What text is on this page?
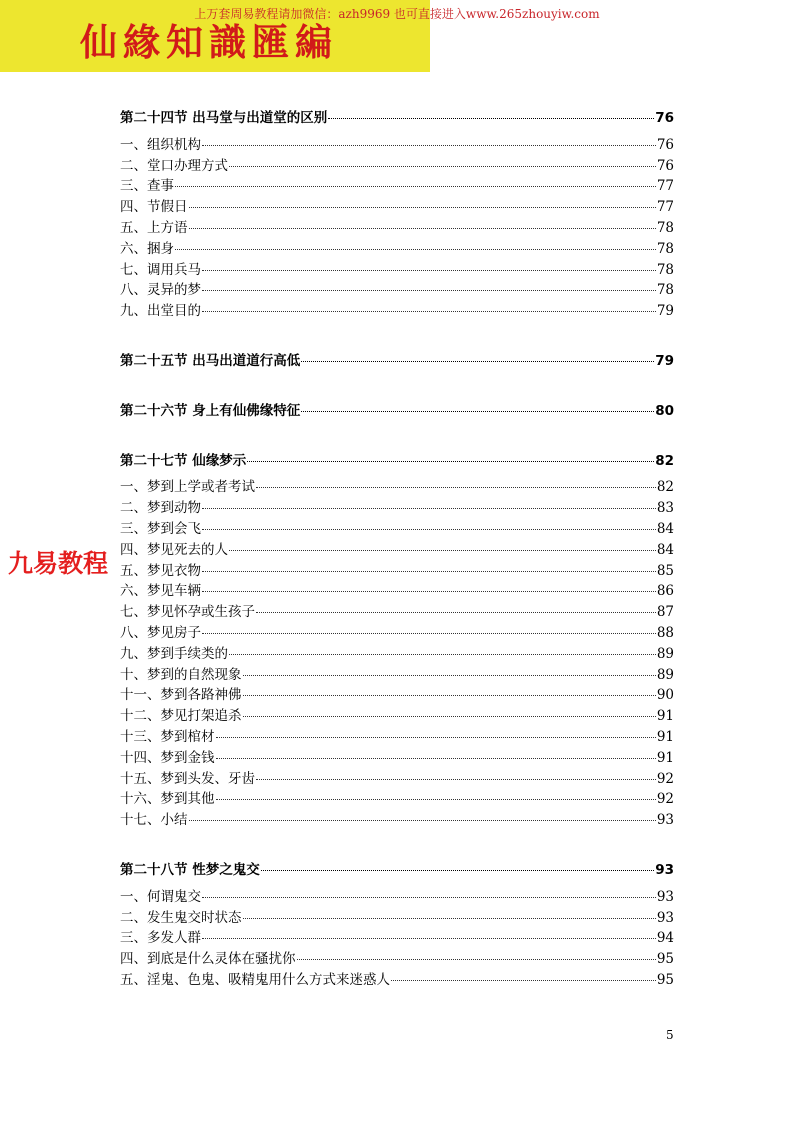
仙緣知識匯編
上万套周易教程请加微信：azh9969 也可直接进入www.265zhouyiw.com
第二十四节 出马堂与出道堂的区别	76
一、组织机构	76
二、堂口办理方式	76
三、查事	77
四、节假日	77
五、上方语	78
六、捆身	78
七、调用兵马	78
八、灵异的梦	78
九、出堂目的	79
第二十五节 出马出道道行高低	79
第二十六节 身上有仙佛缘特征	80
第二十七节 仙缘梦示	82
一、梦到上学或者考试	82
二、梦到动物	83
三、梦到会飞	84
四、梦见死去的人	84
五、梦见衣物	85
六、梦见车辆	86
七、梦见怀孕或生孩子	87
八、梦见房子	88
九、梦到手续类的	89
十、梦到的自然现象	89
十一、梦到各路神佛	90
十二、梦见打架追杀	91
十三、梦到棺材	91
十四、梦到金钱	91
十五、梦到头发、牙齿	92
十六、梦到其他	92
十七、小结	93
第二十八节 性梦之鬼交	93
一、何谓鬼交	93
二、发生鬼交时状态	93
三、多发人群	94
四、到底是什么灵体在骚扰你	95
五、淫鬼、色鬼、吸精鬼用什么方式来迷惑人	95
九易教程
5
